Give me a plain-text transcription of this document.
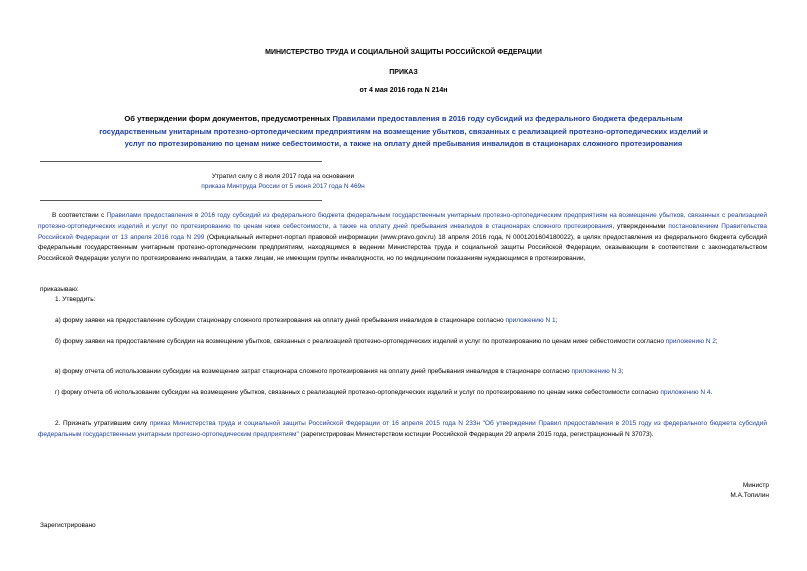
МИНИСТЕРСТВО ТРУДА И СОЦИАЛЬНОЙ ЗАЩИТЫ РОССИЙСКОЙ ФЕДЕРАЦИИ
ПРИКАЗ
от 4 мая 2016 года N 214н
Об утверждении форм документов, предусмотренных Правилами предоставления в 2016 году субсидий из федерального бюджета федеральным
государственным унитарным протезно-ортопедическим предприятиям на возмещение убытков, связанных с реализацией протезно-ортопедических изделий и
услуг по протезированию по ценам ниже себестоимости, а также на оплату дней пребывания инвалидов в стационарах сложного протезирования
Утратил силу с 8 июля 2017 года на основании
приказа Минтруда России от 5 июня 2017 года N 469н
В соответствии с Правилами предоставления в 2016 году субсидий из федерального бюджета федеральным государственным унитарным протезно-ортопедическим предприятиям на возмещение убытков, связанных с реализацией протезно-ортопедических изделий и услуг по протезированию по ценам ниже себестоимости, а также на оплату дней пребывания инвалидов в стационарах сложного протезирования, утвержденными постановлением Правительства Российской Федерации от 13 апреля 2016 года N 299 (Официальный интернет-портал правовой информации (www.pravo.gov.ru) 18 апреля 2016 года, N 0001201604180022), в целях предоставления из федерального бюджета субсидий федеральным государственным унитарным протезно-ортопедическим предприятиям, находящимся в ведении Министерства труда и социальной защиты Российской Федерации, оказывающим в соответствии с законодательством Российской Федерации услуги по протезированию инвалидам, а также лицам, не имеющим группы инвалидности, но по медицинским показаниям нуждающимся в протезировании,
приказываю:
1. Утвердить:
а) форму заявки на предоставление субсидии стационару сложного протезирования на оплату дней пребывания инвалидов в стационаре согласно приложению N 1;
б) форму заявки на предоставление субсидии на возмещение убытков, связанных с реализацией протезно-ортопедических изделий и услуг по протезированию по ценам ниже себестоимости согласно приложению N 2;
в) форму отчета об использовании субсидии на возмещение затрат стационара сложного протезирования на оплату дней пребывания инвалидов в стационаре согласно приложению N 3;
г) форму отчета об использовании субсидии на возмещение убытков, связанных с реализацией протезно-ортопедических изделий и услуг по протезированию по ценам ниже себестоимости согласно приложению N 4.
2. Признать утратившим силу приказ Министерства труда и социальной защиты Российской Федерации от 16 апреля 2015 года N 233н "Об утверждении Правил предоставления в 2015 году из федерального бюджета субсидий федеральным государственным унитарным протезно-ортопедическим предприятиям" (зарегистрирован Министерством юстиции Российской Федерации 29 апреля 2015 года, регистрационный N 37073).
Министр
М.А.Топилин
Зарегистрировано
